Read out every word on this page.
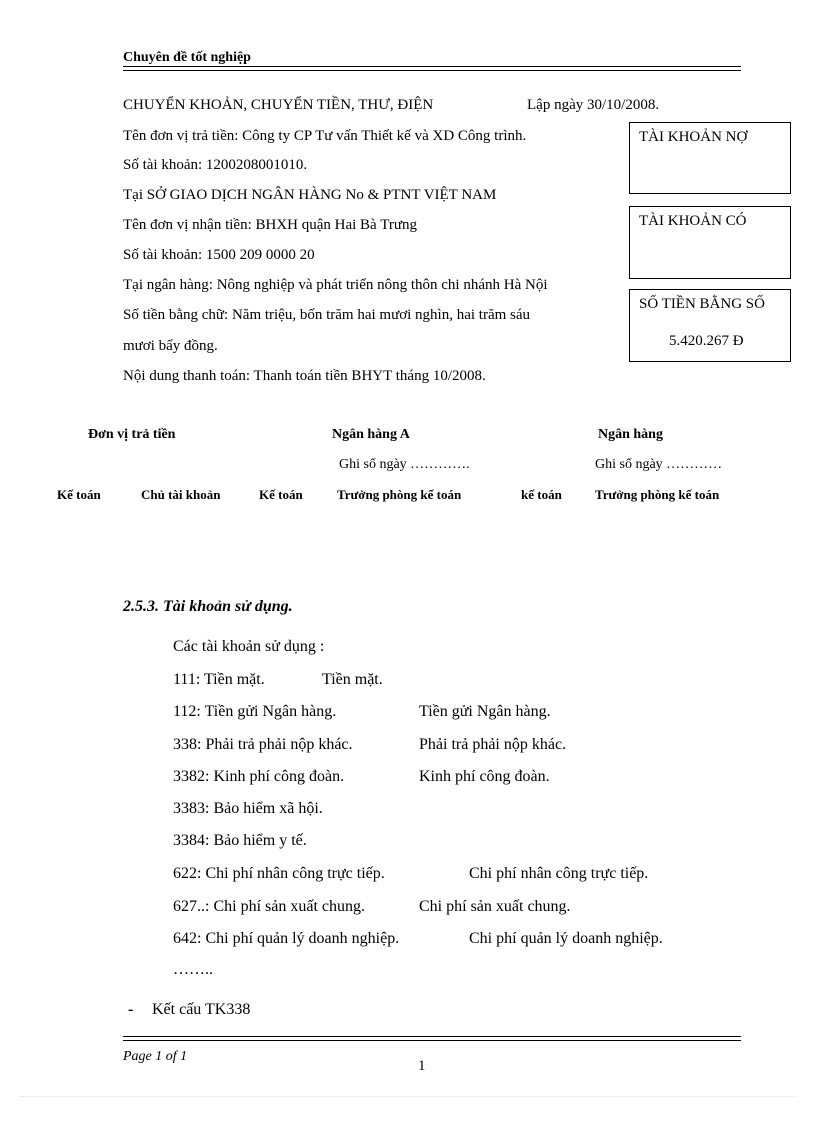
Chuyên đề tốt nghiệp
CHUYỂN KHOẢN, CHUYỂN TIỀN, THƯ, ĐIỆN	Lập ngày 30/10/2008.
Tên đơn vị trả tiền: Công ty CP Tư vấn Thiết kế và XD Công trình.
Số tài khoản: 1200208001010.
Tại SỞ GIAO DỊCH NGÂN HÀNG No & PTNT VIỆT NAM
Tên đơn vị nhận tiền: BHXH quận Hai Bà Trưng
Số tài khoản: 1500 209 0000 20
Tại ngân hàng: Nông nghiệp và phát triển nông thôn chi nhánh Hà Nội
Số tiền bằng chữ: Năm triệu, bốn trăm hai mươi nghìn, hai trăm sáu
mươi bẩy đồng.
Nội dung thanh toán: Thanh toán tiền BHYT tháng 10/2008.
TÀI KHOẢN NỢ
TÀI KHOẢN CÓ
SỐ TIỀN BẰNG SỐ
5.420.267 Đ
Đơn vị trả tiền	Ngân hàng A	Ngân hàng
Ghi sổ ngày ………….	Ghi sổ ngày …………
Kế toán	Chủ tài khoản	Kế toán	Trưởng phòng kế toán	kế toán	Trưởng phòng kế toán
2.5.3. Tài khoản sử dụng.
Các tài khoản sử dụng :
111: Tiền mặt.	Tiền mặt.
112: Tiền gửi Ngân hàng.	Tiền gửi Ngân hàng.
338: Phải trả phải nộp khác.	Phải trả phải nộp khác.
3382: Kinh phí công đoàn.	Kinh phí công đoàn.
3383: Bảo hiểm xã hội.
3384: Bảo hiểm y tế.
622: Chi phí nhân công trực tiếp.	Chi phí nhân công trực tiếp.
627..: Chi phí sản xuất chung.	Chi phí sản xuất chung.
642: Chi phí quản lý doanh nghiệp.	Chi phí quản lý doanh nghiệp.
……..
- Kết cấu TK338
Page 1 of 1
1
